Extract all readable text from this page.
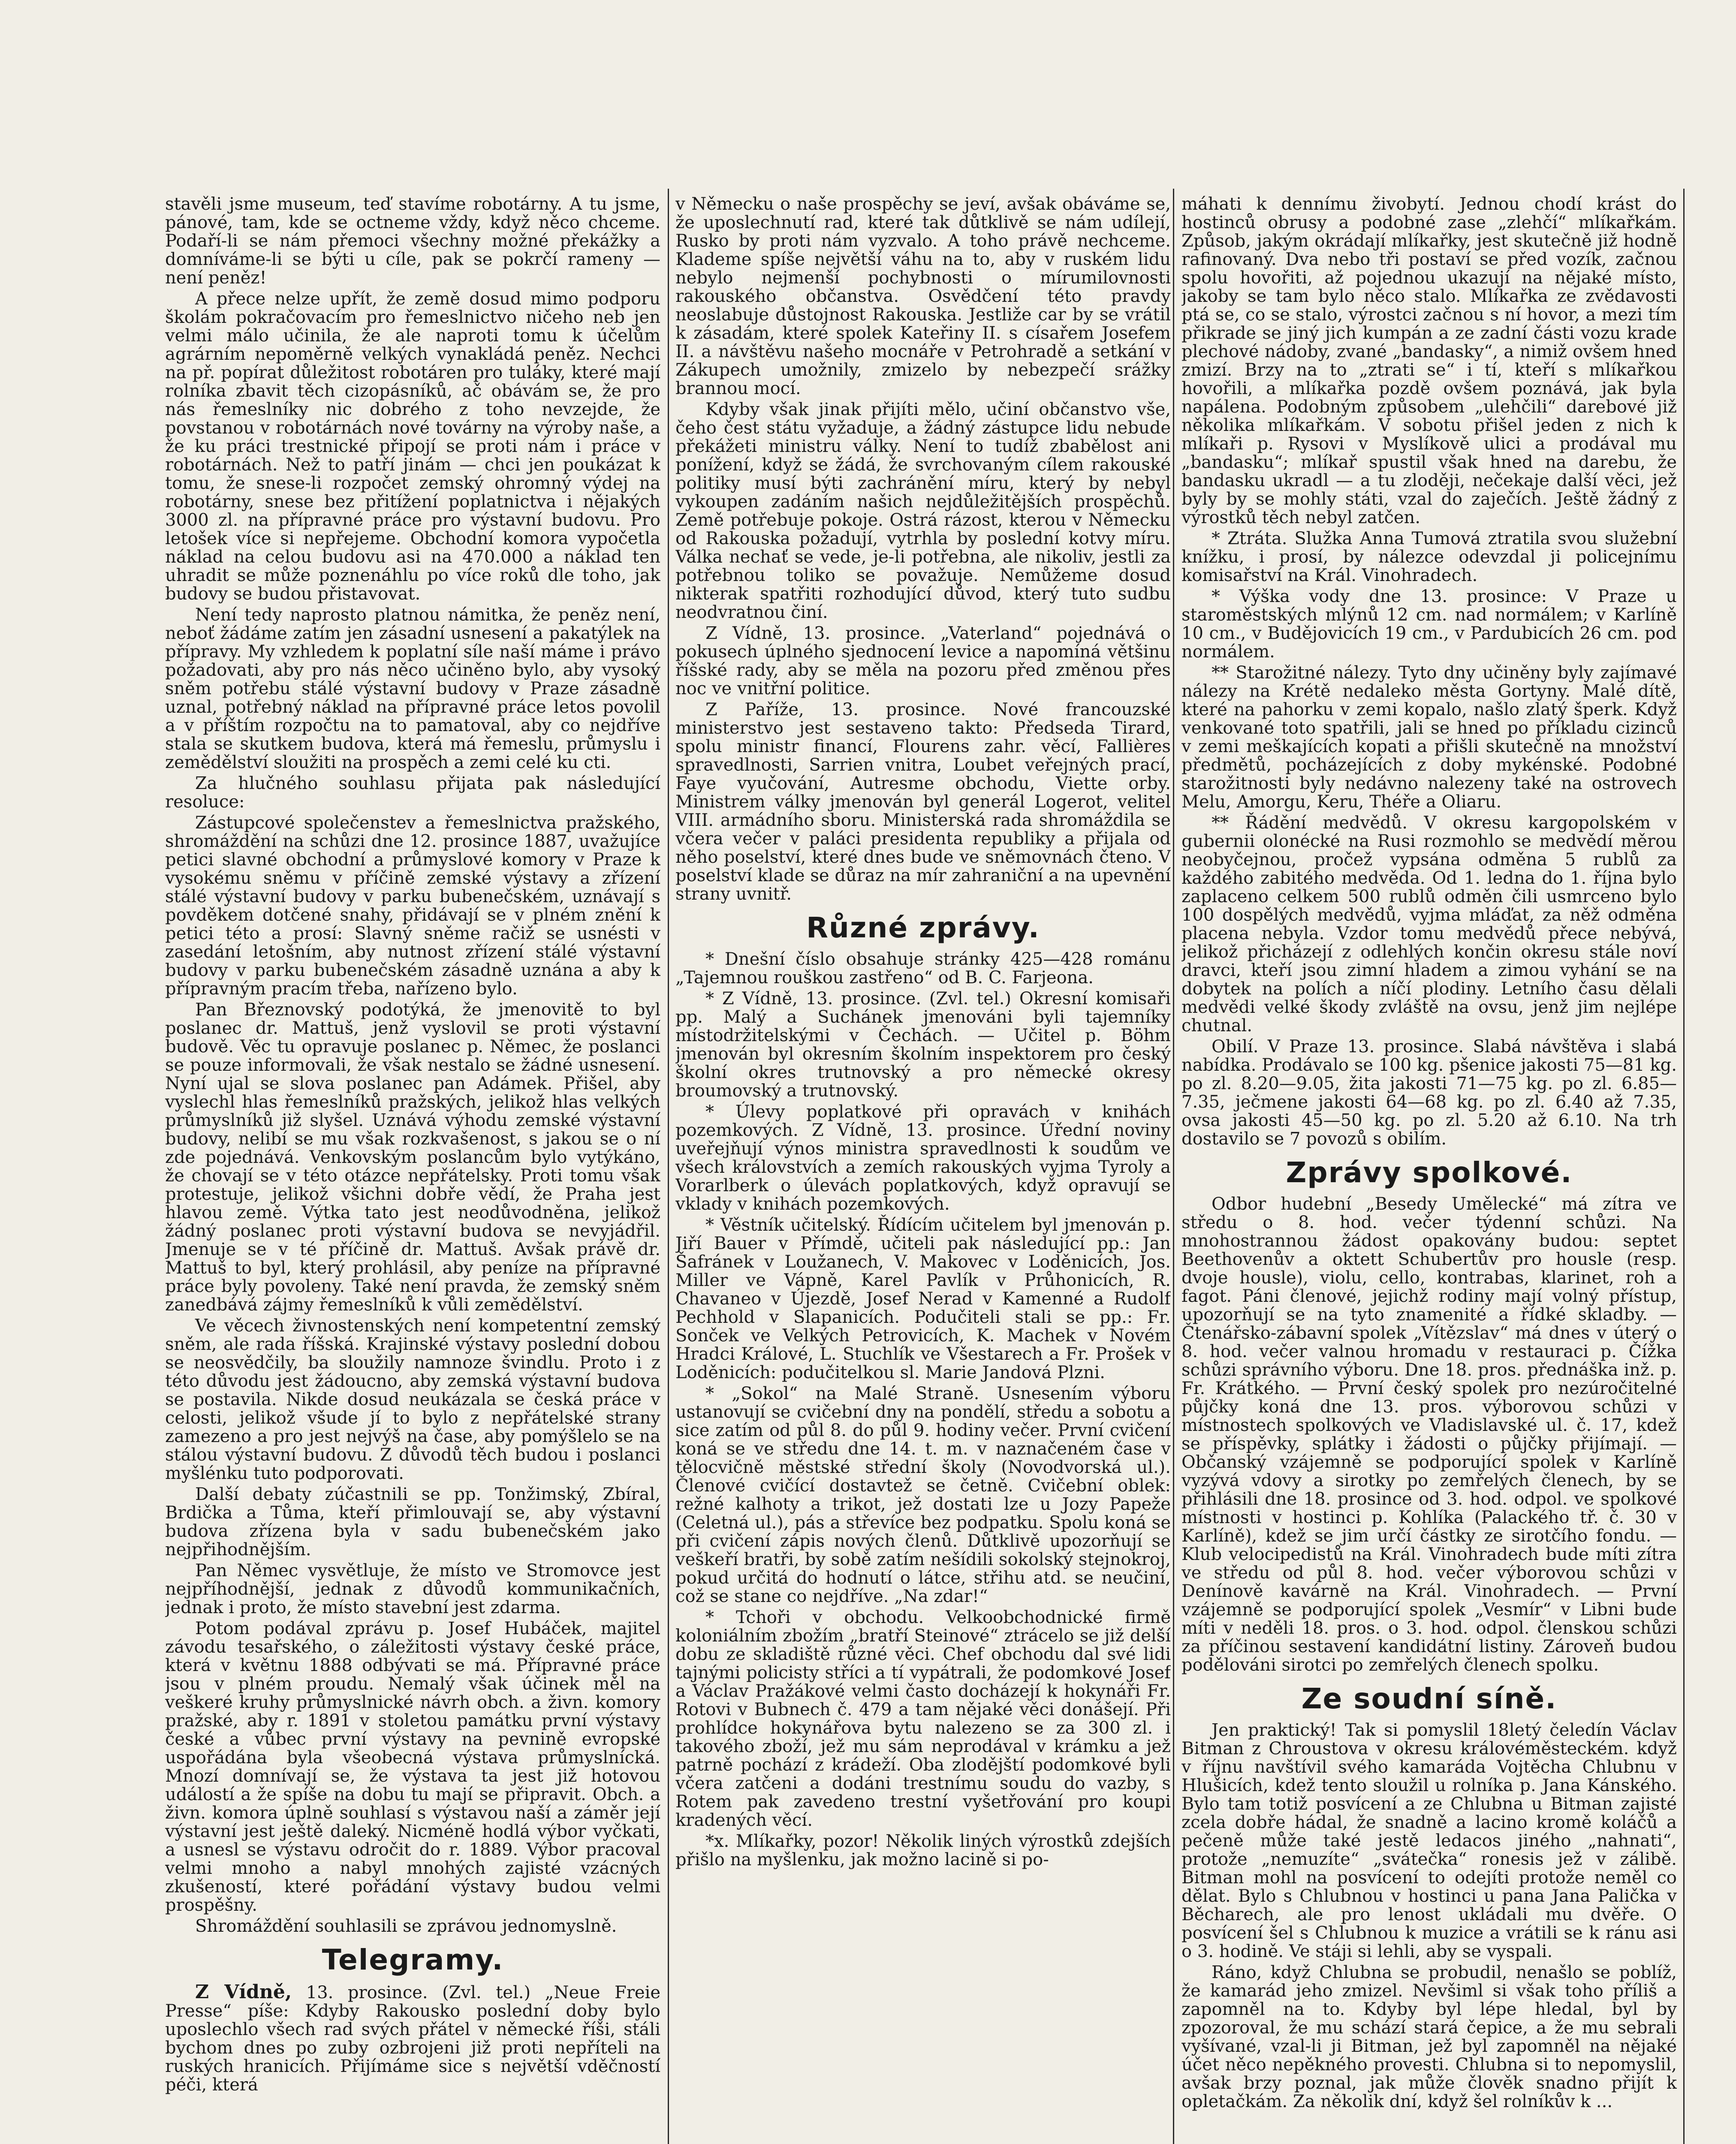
stavěli jsme museum, teď stavíme robotárny. A tu jsme, pánové, tam, kde se octneme vždy, když něco chceme. Podaří-li se nám přemoci všechny možné překážky a domníváme-li se býti u cíle, pak se pokrčí rameny — není peněz!

A přece nelze upřít, že země dosud mimo podporu školám pokračovacím pro řemeslnictvo ničeho neb jen velmi málo učinila, že ale naproti tomu k účelům agrárním nepoměrně velkých vynakládá peněz. Nechci na př. popírat důležitost robotáren pro tuláky, které mají rolníka zbavit těch cizopásníků, ač obávám se, že pro nás řemeslníky nic dobrého z toho nevzejde, že povstanou v robotárnách nové továrny na výroby naše, a že ku práci trestnické připojí se proti nám i práce v robotárnách. Než to patří jinám — chci jen poukázat k tomu, že snese-li rozpočet zemský ohromný výdej na robotárny, snese bez přitížení poplatnictva i nějakých 3000 zl. na přípravné práce pro výstavní budovu. Pro letošek více si nepřejeme. Obchodní komora vypočetla náklad na celou budovu asi na 470.000 a náklad ten uhradit se může poznenáhlu po více roků dle toho, jak budovy se budou přistavovat.

Není tedy naprosto platnou námitka, že peněz není, neboť žádáme zatím jen zásadní usnesení a pakatýlek na přípravy. My vzhledem k poplatní síle naší máme i právo požadovati, aby pro nás něco učiněno bylo, aby vysoký sněm potřebu stálé výstavní budovy v Praze zásadně uznal, potřebný náklad na přípravné práce letos povolil a v příštím rozpočtu na to pamatoval, aby co nejdříve stala se skutkem budova, která má řemeslu, průmyslu i zemědělství sloužiti na prospěch a zemi celé ku cti.

Za hlučného souhlasu přijata pak následující resoluce:

Zástupcové společenstev a řemeslnictva pražského, shromáždění na schůzi dne 12. prosince 1887, uvažujíce petici slavné obchodní a průmyslové komory v Praze k vysokému sněmu v příčině zemské výstavy a zřízení stálé výstavní budovy v parku bubenečském, uznávají s povděkem dotčené snahy, přidávají se v plném znění k petici této a prosí: Slavný sněme račiž se usnésti v zasedání letošním, aby nutnost zřízení stálé výstavní budovy v parku bubenečském zásadně uznána a aby k přípravným pracím třeba, nařízeno bylo.

Pan Březnovský podotýká, že jmenovitě to byl poslanec dr. Mattuš, jenž vyslovil se proti výstavní budově. Věc tu opravuje poslanec p. Němec, že poslanci se pouze informovali, že však nestalo se žádné usnesení. Nyní ujal se slova poslanec pan Adámek. Přišel, aby vyslechl hlas řemeslníků pražských, jelikož hlas velkých průmyslníků již slyšel. Uznává výhodu zemské výstavní budovy, nelibí se mu však rozkvašenost, s jakou se o ní zde pojednává. Venkovským poslancům bylo vytýkáno, že chovají se v této otázce nepřátelsky. Proti tomu však protestuje, jelikož všichni dobře vědí, že Praha jest hlavou země. Výtka tato jest neodůvodněna, jelikož žádný poslanec proti výstavní budova se nevyjádřil. Jmenuje se v té příčině dr. Mattuš. Avšak právě dr. Mattuš to byl, který prohlásil, aby peníze na přípravné práce byly povoleny. Také není pravda, že zemský sněm zanedbává zájmy řemeslníků k vůli zemědělství.

Ve věcech živnostenských není kompetentní zemský sněm, ale rada říšská. Krajinské výstavy poslední dobou se neosvědčily, ba sloužily namnoze švindlu. Proto i z této důvodu jest žádoucno, aby zemská výstavní budova se postavila. Nikde dosud neukázala se česká práce v celosti, jelikož všude jí to bylo z nepřátelské strany zamezeno a pro jest nejvýš na čase, aby pomýšlelo se na stálou výstavní budovu. Z důvodů těch budou i poslanci myšlénku tuto podporovati.

Další debaty zúčastnili se pp. Tonžimský, Zbíral, Brdička a Tůma, kteří přimlouvají se, aby výstavní budova zřízena byla v sadu bubenečském jako nejpřihodnějším.

Pan Němec vysvětluje, že místo ve Stromovce jest nejpříhodnější, jednak z důvodů kommunikačních, jednak i proto, že místo stavební jest zdarma.

Potom podával zprávu p. Josef Hubáček, majitel závodu tesařského, o záležitosti výstavy české práce, která v květnu 1888 odbývati se má. Přípravné práce jsou v plném proudu. Nemalý však účinek měl na veškeré kruhy průmyslnické návrh obch. a živn. komory pražské, aby r. 1891 v stoletou památku první výstavy české a vůbec první výstavy na pevnině evropské uspořádána byla všeobecná výstava průmyslnícká. Mnozí domnívají se, že výstava ta jest již hotovou událostí a že spíše na dobu tu mají se připravit. Obch. a živn. komora úplně souhlasí s výstavou naší a záměr její výstavní jest ještě daleký. Nicméně hodlá výbor vyčkati, a usnesl se výstavu odročit do r. 1889. Výbor pracoval velmi mnoho a nabyl mnohých zajisté vzácných zkušeností, které pořádání výstavy budou velmi prospěšny.

Shromáždění souhlasili se zprávou jednomyslně.

Telegramy.

Z Vídně, 13. prosince. (Zvl. tel.) „Neue Freie Presse“ píše: Kdyby Rakousko poslední doby bylo uposlechlo všech rad svých přátel v německé říši, stáli bychom dnes po zuby ozbrojeni již proti nepříteli na ruských hranicích. Přijímáme sice s největší vděčností péči, která

v Německu o naše prospěchy se jeví, avšak obáváme se, že uposlechnutí rad, které tak důtklivě se nám udílejí, Rusko by proti nám vyzvalo. A toho právě nechceme. Klademe spíše největší váhu na to, aby v ruském lidu nebylo nejmenší pochybnosti o mírumilovnosti rakouského občanstva. Osvědčení této pravdy neoslabuje důstojnost Rakouska. Jestliže car by se vrátil k zásadám, které spolek Kateřiny II. s císařem Josefem II. a návštěvu našeho mocnáře v Petrohradě a setkání v Zákupech umožnily, zmizelo by nebezpečí srážky brannou mocí.

Kdyby však jinak přijíti mělo, učiní občanstvo vše, čeho čest státu vyžaduje, a žádný zástupce lidu nebude překážeti ministru války. Není to tudíž zbabělost ani ponížení, když se žádá, že svrchovaným cílem rakouské politiky musí býti zachránění míru, který by nebyl vykoupen zadáním našich nejdůležitějších prospěchů. Země potřebuje pokoje. Ostrá rázost, kterou v Německu od Rakouska požadují, vytrhla by poslední kotvy míru. Válka nechať se vede, je-li potřebna, ale nikoliv, jestli za potřebnou toliko se považuje. Nemůžeme dosud nikterak spatřiti rozhodující důvod, který tuto sudbu neodvratnou činí.

Z Vídně, 13. prosince. „Vaterland“ pojednává o pokusech úplného sjednocení levice a napomíná většinu říšské rady, aby se měla na pozoru před změnou přes noc ve vnitřní politice.

Z Paříže, 13. prosince. Nové francouzské ministerstvo jest sestaveno takto: Předseda Tirard, spolu ministr financí, Flourens zahr. věcí, Fallières spravedlnosti, Sarrien vnitra, Loubet veřejných prací, Faye vyučování, Autresme obchodu, Viette orby. Ministrem války jmenován byl generál Logerot, velitel VIII. armádního sboru. Ministerská rada shromáždila se včera večer v paláci presidenta republiky a přijala od něho poselství, které dnes bude ve sněmovnách čteno. V poselství klade se důraz na mír zahraniční a na upevnění strany uvnitř.

Různé zprávy.

* Dnešní číslo obsahuje stránky 425—428 románu „Tajemnou rouškou zastřeno“ od B. C. Farjeona.

* Z Vídně, 13. prosince. (Zvl. tel.) Okresní komisaři pp. Malý a Suchánek jmenováni byli tajemníky místodržitelskými v Čechách. — Učitel p. Böhm jmenován byl okresním školním inspektorem pro český školní okres trutnovský a pro německé okresy broumovský a trutnovský.

* Úlevy poplatkové při opravách v knihách pozemkových. Z Vídně, 13. prosince. Úřední noviny uveřejňují výnos ministra spravedlnosti k soudům ve všech královstvích a zemích rakouských vyjma Tyroly a Vorarlberk o úlevách poplatkových, když opravují se vklady v knihách pozemkových.

* Věstník učitelský. Řídícím učitelem byl jmenován p. Jiří Bauer v Přímdě, učiteli pak následující pp.: Jan Šafránek v Loužanech, V. Makovec v Loděnicích, Jos. Miller ve Vápně, Karel Pavlík v Průhonicích, R. Chavaneo v Újezdě, Josef Nerad v Kamenné a Rudolf Pechhold v Slapanicích. Podučiteli stali se pp.: Fr. Sonček ve Velkých Petrovicích, K. Machek v Novém Hradci Králové, L. Stuchlík ve Všestarech a Fr. Prošek v Loděnicích: podučitelkou sl. Marie Jandová Plzni.

* „Sokol“ na Malé Straně. Usnesením výboru ustanovují se cvičební dny na pondělí, středu a sobotu a sice zatím od půl 8. do půl 9. hodiny večer. První cvičení koná se ve středu dne 14. t. m. v naznačeném čase v tělocvičně městské střední školy (Novodvorská ul.). Členové cvičící dostavtež se četně. Cvičební oblek: režné kalhoty a trikot, jež dostati lze u Jozy Papeže (Celetná ul.), pás a střevíce bez podpatku. Spolu koná se při cvičení zápis nových členů. Důtklivě upozorňují se veškeří bratři, by sobě zatím nešídili sokolský stejnokroj, pokud určitá do hodnutí o látce, střihu atd. se neučiní, což se stane co nejdříve. „Na zdar!“

* Tchoři v obchodu. Velkoobchodnické firmě koloniálním zbožím „bratří Steinové“ ztrácelo se již delší dobu ze skladiště různé věci. Chef obchodu dal své lidi tajnými policisty stříci a tí vypátrali, že podomkové Josef a Václav Pražákové velmi často docházejí k hokynáři Fr. Rotovi v Bubnech č. 479 a tam nějaké věci donášejí. Při prohlídce hokynářova bytu nalezeno se za 300 zl. i takového zboží, jež mu sám neprodával v krámku a jež patrně pochází z krádeží. Oba zlodějští podomkové byli včera zatčeni a dodáni trestnímu soudu do vazby, s Rotem pak zavedeno trestní vyšetřování pro koupi kradených věcí.

*x. Mlíkařky, pozor! Několik liných výrostků zdejších přišlo na myšlenku, jak možno lacině si po-

máhati k dennímu živobytí. Jednou chodí krást do hostinců obrusy a podobné zase „zlehčí“ mlíkařkám. Způsob, jakým okrádají mlíkařky, jest skutečně již hodně rafinovaný. Dva nebo tři postaví se před vozík, začnou spolu hovořiti, až pojednou ukazují na nějaké místo, jakoby se tam bylo něco stalo. Mlíkařka ze zvědavosti ptá se, co se stalo, výrostci začnou s ní hovor, a mezi tím přikrade se jiný jich kumpán a ze zadní části vozu krade plechové nádoby, zvané „bandasky“, a nimiž ovšem hned zmizí. Brzy na to „ztrati se“ i tí, kteří s mlíkařkou hovořili, a mlíkařka pozdě ovšem poznává, jak byla napálena. Podobným způsobem „ulehčili“ darebové již několika mlíkařkám. V sobotu přišel jeden z nich k mlíkaři p. Rysovi v Myslíkově ulici a prodával mu „bandasku“; mlíkař spustil však hned na darebu, že bandasku ukradl — a tu zloději, nečekaje další věci, jež byly by se mohly státi, vzal do zaječích. Ještě žádný z výrostků těch nebyl zatčen.

* Ztráta. Služka Anna Tumová ztratila svou služební knížku, i prosí, by nálezce odevzdal ji policejnímu komisařství na Král. Vinohradech.

* Výška vody dne 13. prosince: V Praze u staroměstských mlýnů 12 cm. nad normálem; v Karlíně 10 cm., v Budějovicích 19 cm., v Pardubicích 26 cm. pod normálem.

** Starožitné nálezy. Tyto dny učiněny byly zajímavé nálezy na Krétě nedaleko města Gortyny. Malé dítě, které na pahorku v zemi kopalo, našlo zlatý šperk. Když venkované toto spatřili, jali se hned po příkladu cizinců v zemi meškajících kopati a přišli skutečně na množství předmětů, pocházejících z doby mykénské. Podobné starožitnosti byly nedávno nalezeny také na ostrovech Melu, Amorgu, Keru, Théře a Oliaru.

** Řádění medvědů. V okresu kargopolském v gubernii olonécké na Rusi rozmohlo se medvědí měrou neobyčejnou, pročež vypsána odměna 5 rublů za každého zabitého medvěda. Od 1. ledna do 1. října bylo zaplaceno celkem 500 rublů odměn čili usmrceno bylo 100 dospělých medvědů, vyjma mláďat, za něž odměna placena nebyla. Vzdor tomu medvědů přece nebývá, jelikož přicházejí z odlehlých končin okresu stále noví dravci, kteří jsou zimní hladem a zimou vyhání se na dobytek na polích a níčí plodiny. Letního času dělali medvědi velké škody zvláště na ovsu, jenž jim nejlépe chutnal.

Obilí. V Praze 13. prosince. Slabá návštěva i slabá nabídka. Prodávalo se 100 kg. pšenice jakosti 75—81 kg. po zl. 8.20—9.05, žita jakosti 71—75 kg. po zl. 6.85—7.35, ječmene jakosti 64—68 kg. po zl. 6.40 až 7.35, ovsa jakosti 45—50 kg. po zl. 5.20 až 6.10. Na trh dostavilo se 7 povozů s obilím.

Zprávy spolkové.

Odbor hudební „Besedy Umělecké“ má zítra ve středu o 8. hod. večer týdenní schůzi. Na mnohostrannou žádost opakovány budou: septet Beethovenův a oktett Schubertův pro housle (resp. dvoje housle), violu, cello, kontrabas, klarinet, roh a fagot. Páni členové, jejichž rodiny mají volný přístup, upozorňují se na tyto znamenité a řídké skladby. — Čtenářsko-zábavní spolek „Vítězslav“ má dnes v úterý o 8. hod. večer valnou hromadu v restauraci p. Čížka schůzi správního výboru. Dne 18. pros. přednáška inž. p. Fr. Krátkého. — První český spolek pro nezúročitelné půjčky koná dne 13. pros. výborovou schůzi v místnostech spolkových ve Vladislavské ul. č. 17, kdež se příspěvky, splátky i žádosti o půjčky přijímají. — Občanský vzájemně se podporující spolek v Karlíně vyzývá vdovy a sirotky po zemřelých členech, by se přihlásili dne 18. prosince od 3. hod. odpol. ve spolkové místnosti v hostinci p. Kohlíka (Palackého tř. č. 30 v Karlíně), kdež se jim určí částky ze sirotčího fondu. — Klub velocipedistů na Král. Vinohradech bude míti zítra ve středu od půl 8. hod. večer výborovou schůzi v Denínově kavárně na Král. Vinohradech. — První vzájemně se podporující spolek „Vesmír“ v Libni bude míti v neděli 18. pros. o 3. hod. odpol. členskou schůzi za příčinou sestavení kandidátní listiny. Zároveň budou podělováni sirotci po zemřelých členech spolku.

Ze soudní síně.

Jen praktický! Tak si pomyslil 18letý čeledín Václav Bitman z Chroustova v okresu královéměsteckém. když v říjnu navštívil svého kamaráda Vojtěcha Chlubnu v Hlušicích, kdež tento sloužil u rolníka p. Jana Kánského. Bylo tam totiž posvícení a ze Chlubna u Bitman zajisté zcela dobře hádal, že snadně a lacino kromě koláčů a pečeně může také jestě ledacos jiného „nahnati“, protože „nemuzíte“ „svátečka“ ronesis jež v zálibě. Bitman mohl na posvícení to odejíti protože neměl co dělat. Bylo s Chlubnou v hostinci u pana Jana Palička v Běcharech, ale pro lenost ukládali mu dvěře. O posvícení šel s Chlubnou k muzice a vrátili se k ránu asi o 3. hodině. Ve stáji si lehli, aby se vyspali.

Ráno, když Chlubna se probudil, nenašlo se poblíž, že kamarád jeho zmizel. Nevšiml si však toho příliš a zapomněl na to. Kdyby byl lépe hledal, byl by zpozoroval, že mu schází stará čepice, a že mu sebrali vyšívané, vzal-li ji Bitman, jež byl zapomněl na nějaké účet něco nepěkného provesti. Chlubna si to nepomyslil, avšak brzy poznal, jak může člověk snadno přijít k opletačkám. Za několik dní, když šel rolníkův k ...
